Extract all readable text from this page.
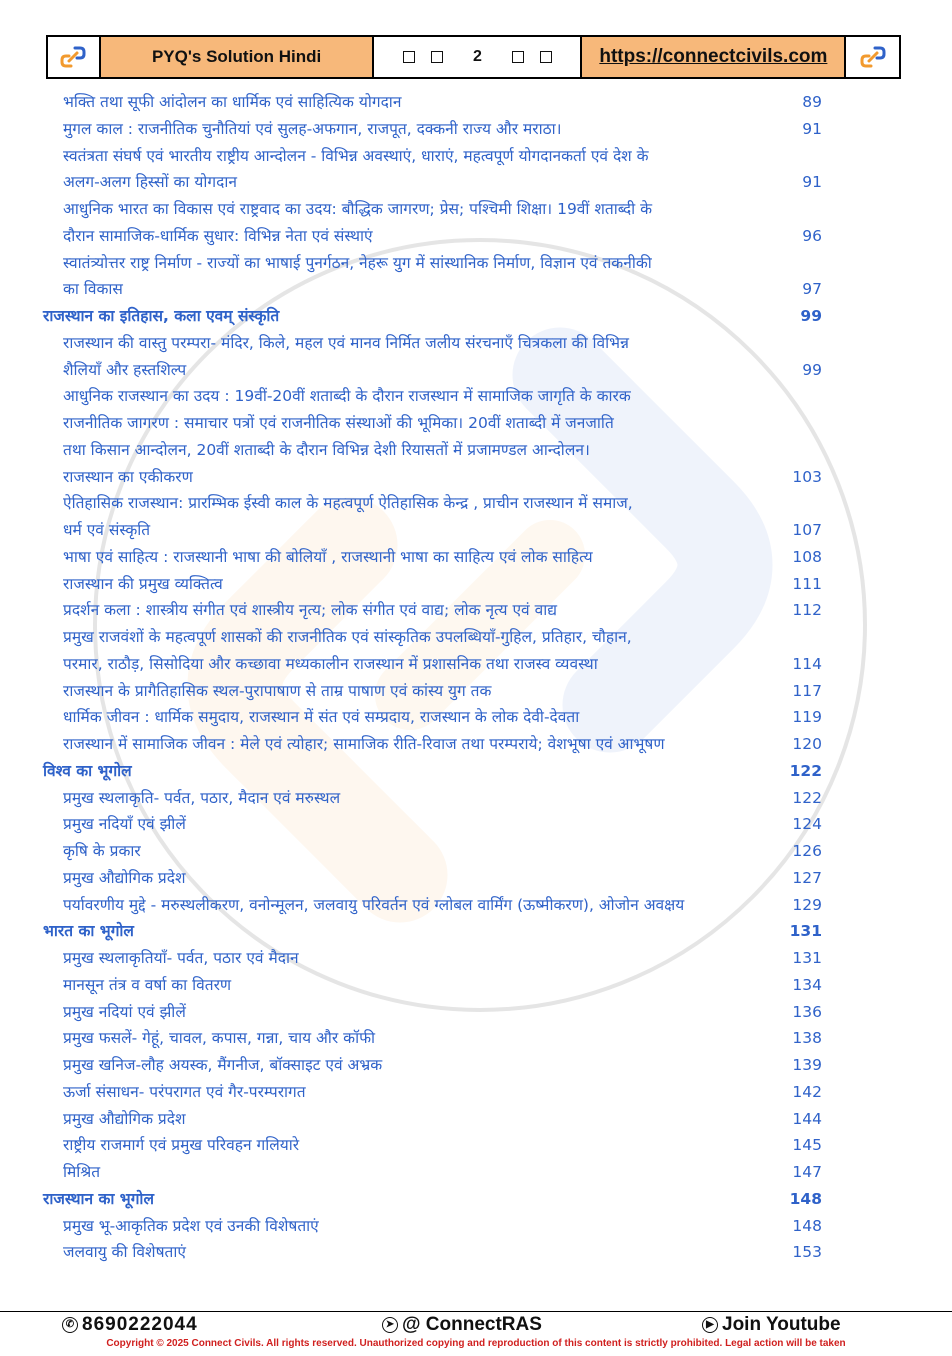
PYQ's Solution Hindi	2	https://connectcivils.com
भक्ति तथा सूफी आंदोलन का धार्मिक एवं साहित्यिक योगदान	89
मुगल काल : राजनीतिक चुनौतियां एवं सुलह-अफगान, राजपूत, दक्कनी राज्य और मराठा।	91
स्वतंत्रता संघर्ष एवं भारतीय राष्ट्रीय आन्दोलन - विभिन्न अवस्थाएं, धाराएं, महत्वपूर्ण योगदानकर्ता एवं देश के
अलग-अलग हिस्सों का योगदान	91
आधुनिक भारत का विकास एवं राष्ट्रवाद का उदय: बौद्धिक जागरण; प्रेस; पश्चिमी शिक्षा। 19वीं शताब्दी के
दौरान सामाजिक-धार्मिक सुधार: विभिन्न नेता एवं संस्थाएं	96
स्वातंत्र्योत्तर राष्ट्र निर्माण - राज्यों का भाषाई पुनर्गठन, नेहरू युग में सांस्थानिक निर्माण, विज्ञान एवं तकनीकी
का विकास	97
राजस्थान का इतिहास, कला एवम् संस्कृति	99
राजस्थान की वास्तु परम्परा- मंदिर, किले, महल एवं मानव निर्मित जलीय संरचनाएँ चित्रकला की विभिन्न
शैलियाँ और हस्तशिल्प	99
आधुनिक राजस्थान का उदय : 19वीं-20वीं शताब्दी के दौरान राजस्थान में सामाजिक जागृति के कारक
राजनीतिक जागरण : समाचार पत्रों एवं राजनीतिक संस्थाओं की भूमिका। 20वीं शताब्दी में जनजाति
तथा किसान आन्दोलन, 20वीं शताब्दी के दौरान विभिन्न देशी रियासतों में प्रजामण्डल आन्दोलन।
राजस्थान का एकीकरण	103
ऐतिहासिक राजस्थान: प्रारम्भिक ईस्वी काल के महत्वपूर्ण ऐतिहासिक केन्द्र , प्राचीन राजस्थान में समाज,
धर्म एवं संस्कृति	107
भाषा एवं साहित्य : राजस्थानी भाषा की बोलियाँ , राजस्थानी भाषा का साहित्य एवं लोक साहित्य	108
राजस्थान की प्रमुख व्यक्तित्व	111
प्रदर्शन कला : शास्त्रीय संगीत एवं शास्त्रीय नृत्य; लोक संगीत एवं वाद्य; लोक नृत्य एवं वाद्य	112
प्रमुख राजवंशों के महत्वपूर्ण शासकों की राजनीतिक एवं सांस्कृतिक उपलब्धियाँ-गुहिल, प्रतिहार, चौहान,
परमार, राठौड़, सिसोदिया और कच्छावा मध्यकालीन राजस्थान में प्रशासनिक तथा राजस्व व्यवस्था	114
राजस्थान के प्रागैतिहासिक स्थल-पुरापाषाण से ताम्र पाषाण एवं कांस्य युग तक	117
धार्मिक जीवन : धार्मिक समुदाय, राजस्थान में संत एवं सम्प्रदाय, राजस्थान के लोक देवी-देवता	119
राजस्थान में सामाजिक जीवन : मेले एवं त्योहार; सामाजिक रीति-रिवाज तथा परम्पराये; वेशभूषा एवं आभूषण	120
विश्व का भूगोल	122
प्रमुख स्थलाकृति- पर्वत, पठार, मैदान एवं मरुस्थल	122
प्रमुख नदियाँ एवं झीलें	124
कृषि के प्रकार	126
प्रमुख औद्योगिक प्रदेश	127
पर्यावरणीय मुद्दे - मरुस्थलीकरण, वनोन्मूलन, जलवायु परिवर्तन एवं ग्लोबल वार्मिंग (ऊष्मीकरण), ओजोन अवक्षय	129
भारत का भूगोल	131
प्रमुख स्थलाकृतियाँ- पर्वत, पठार एवं मैदान	131
मानसून तंत्र व वर्षा का वितरण	134
प्रमुख नदियां एवं झीलें	136
प्रमुख फसलें- गेहूं, चावल, कपास, गन्ना, चाय और कॉफी	138
प्रमुख खनिज-लौह अयस्क, मैंगनीज, बॉक्साइट एवं अभ्रक	139
ऊर्जा संसाधन- परंपरागत एवं गैर-परम्परागत	142
प्रमुख औद्योगिक प्रदेश	144
राष्ट्रीय राजमार्ग एवं प्रमुख परिवहन गलियारे	145
मिश्रित	147
राजस्थान का भूगोल	148
प्रमुख भू-आकृतिक प्रदेश एवं उनकी विशेषताएं	148
जलवायु की विशेषताएं	153
✆ 8690222044	➤ @ ConnectRAS	▶ Join Youtube
Copyright © 2025 Connect Civils. All rights reserved. Unauthorized copying and reproduction of this content is strictly prohibited. Legal action will be taken
